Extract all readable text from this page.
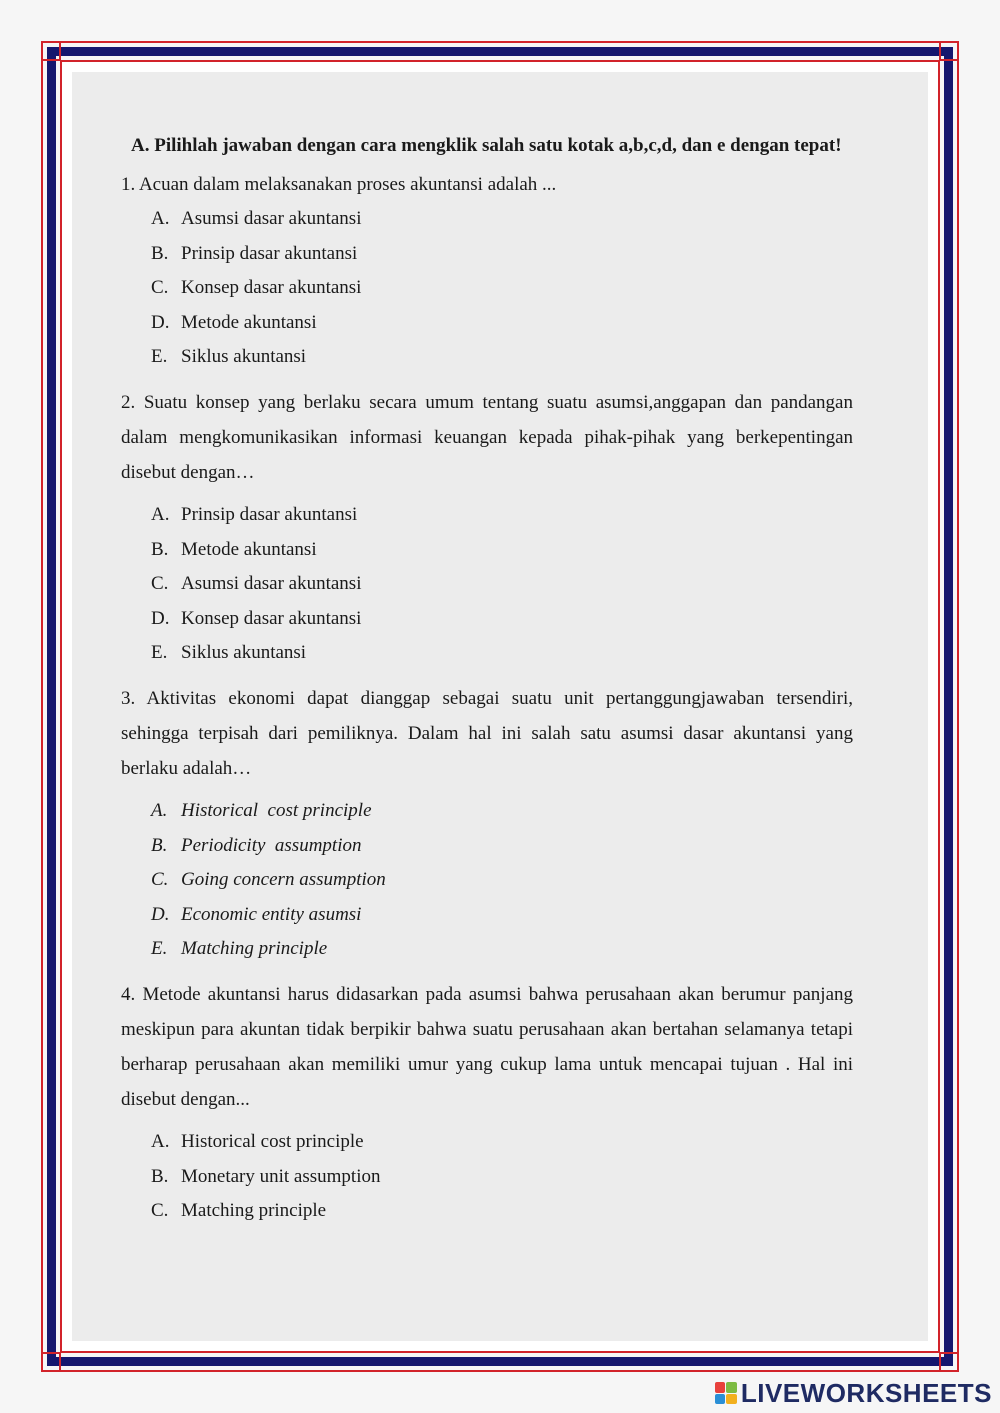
A. Pilihlah jawaban dengan cara mengklik salah satu kotak a,b,c,d, dan e dengan tepat!

1. Acuan dalam melaksanakan proses akuntansi adalah ...

A. Asumsi dasar akuntansi
B. Prinsip dasar akuntansi
C. Konsep dasar akuntansi
D. Metode akuntansi
E. Siklus akuntansi

2. Suatu konsep yang berlaku secara umum tentang suatu asumsi,anggapan dan pandangan dalam mengkomunikasikan informasi keuangan kepada pihak-pihak yang berkepentingan disebut dengan…

A. Prinsip dasar akuntansi
B. Metode akuntansi
C. Asumsi dasar akuntansi
D. Konsep dasar akuntansi
E. Siklus akuntansi

3. Aktivitas ekonomi dapat dianggap sebagai suatu unit pertanggungjawaban tersendiri, sehingga terpisah dari pemiliknya. Dalam hal ini salah satu asumsi dasar akuntansi yang berlaku adalah…

A. Historical  cost principle
B. Periodicity  assumption
C. Going concern assumption
D. Economic entity asumsi
E. Matching principle

4. Metode akuntansi harus didasarkan pada asumsi bahwa perusahaan akan berumur panjang meskipun para akuntan tidak berpikir bahwa suatu perusahaan akan bertahan selamanya tetapi berharap perusahaan akan memiliki umur yang cukup lama untuk mencapai tujuan . Hal ini disebut dengan...

A. Historical cost principle
B. Monetary unit assumption
C. Matching principle
LIVEWORKSHEETS
